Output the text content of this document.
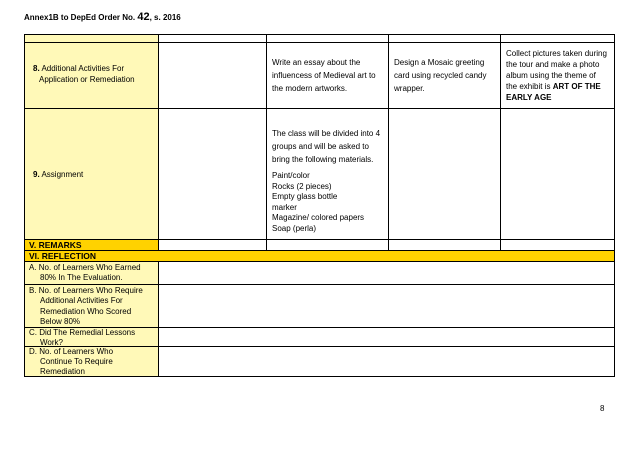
Annex1B to DepEd Order No. 42, s. 2016
8. Additional Activities For
Application or Remediation
Write an essay about the influencess of Medieval art to the modern artworks.
Design a Mosaic greeting card using recycled candy wrapper.
Collect pictures taken during the tour and make a photo album using the theme of the exhibit is ART OF THE EARLY AGE
9. Assignment

The class will be divided into 4 groups and will be asked to bring the following materials.

Paint/color

Rocks (2 pieces)

Empty glass bottle

marker

Magazine/ colored papers

Soap (perla)

V. REMARKS
VI. REFLECTION
A. No. of Learners Who Earned
80% In The Evaluation.
B. No. of Learners Who Require
Additional Activities For
Remediation Who Scored
Below 80%
C. Did The Remedial Lessons
Work?
D. No. of Learners Who
Continue To Require
Remediation
8
